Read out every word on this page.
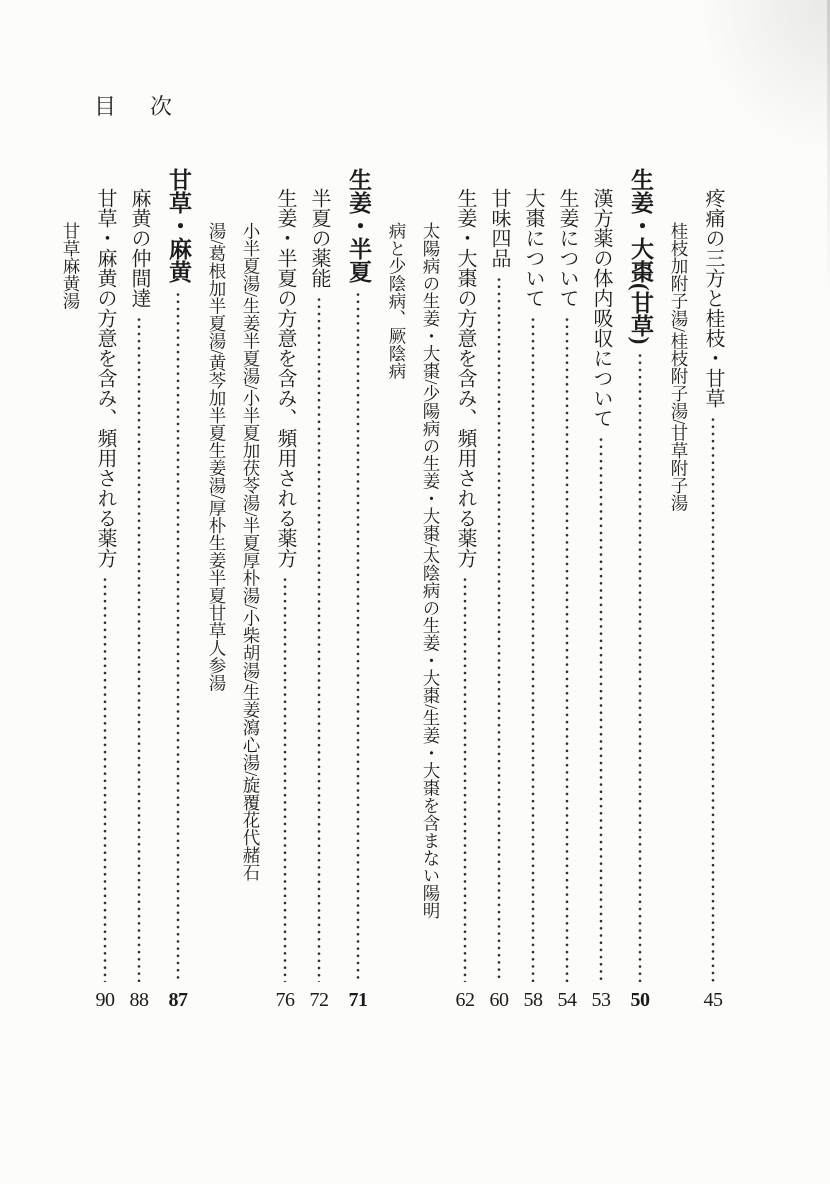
目　次
疼痛の三方と桂枝・甘草
45
桂枝加附子湯/桂枝附子湯/甘草附子湯
生姜・大棗(甘草)
50
漢方薬の体内吸収について
53
生姜について
54
大棗について
58
甘味四品
60
生姜・大棗の方意を含み、頻用される薬方
62
太陽病の生姜・大棗/少陽病の生姜・大棗/太陰病の生姜・大棗/生姜・大棗を含まない陽明
病と少陰病、厥陰病
生姜・半夏
71
半夏の薬能
72
生姜・半夏の方意を含み、頻用される薬方
76
小半夏湯/生姜半夏湯/小半夏加茯苓湯/半夏厚朴湯/小柴胡湯/生姜瀉心湯/旋覆花代赭石
湯/葛根加半夏湯/黄芩加半夏生姜湯/厚朴生姜半夏甘草人参湯
甘草・麻黄
87
麻黄の仲間達
88
甘草・麻黄の方意を含み、頻用される薬方
90
甘草麻黄湯
